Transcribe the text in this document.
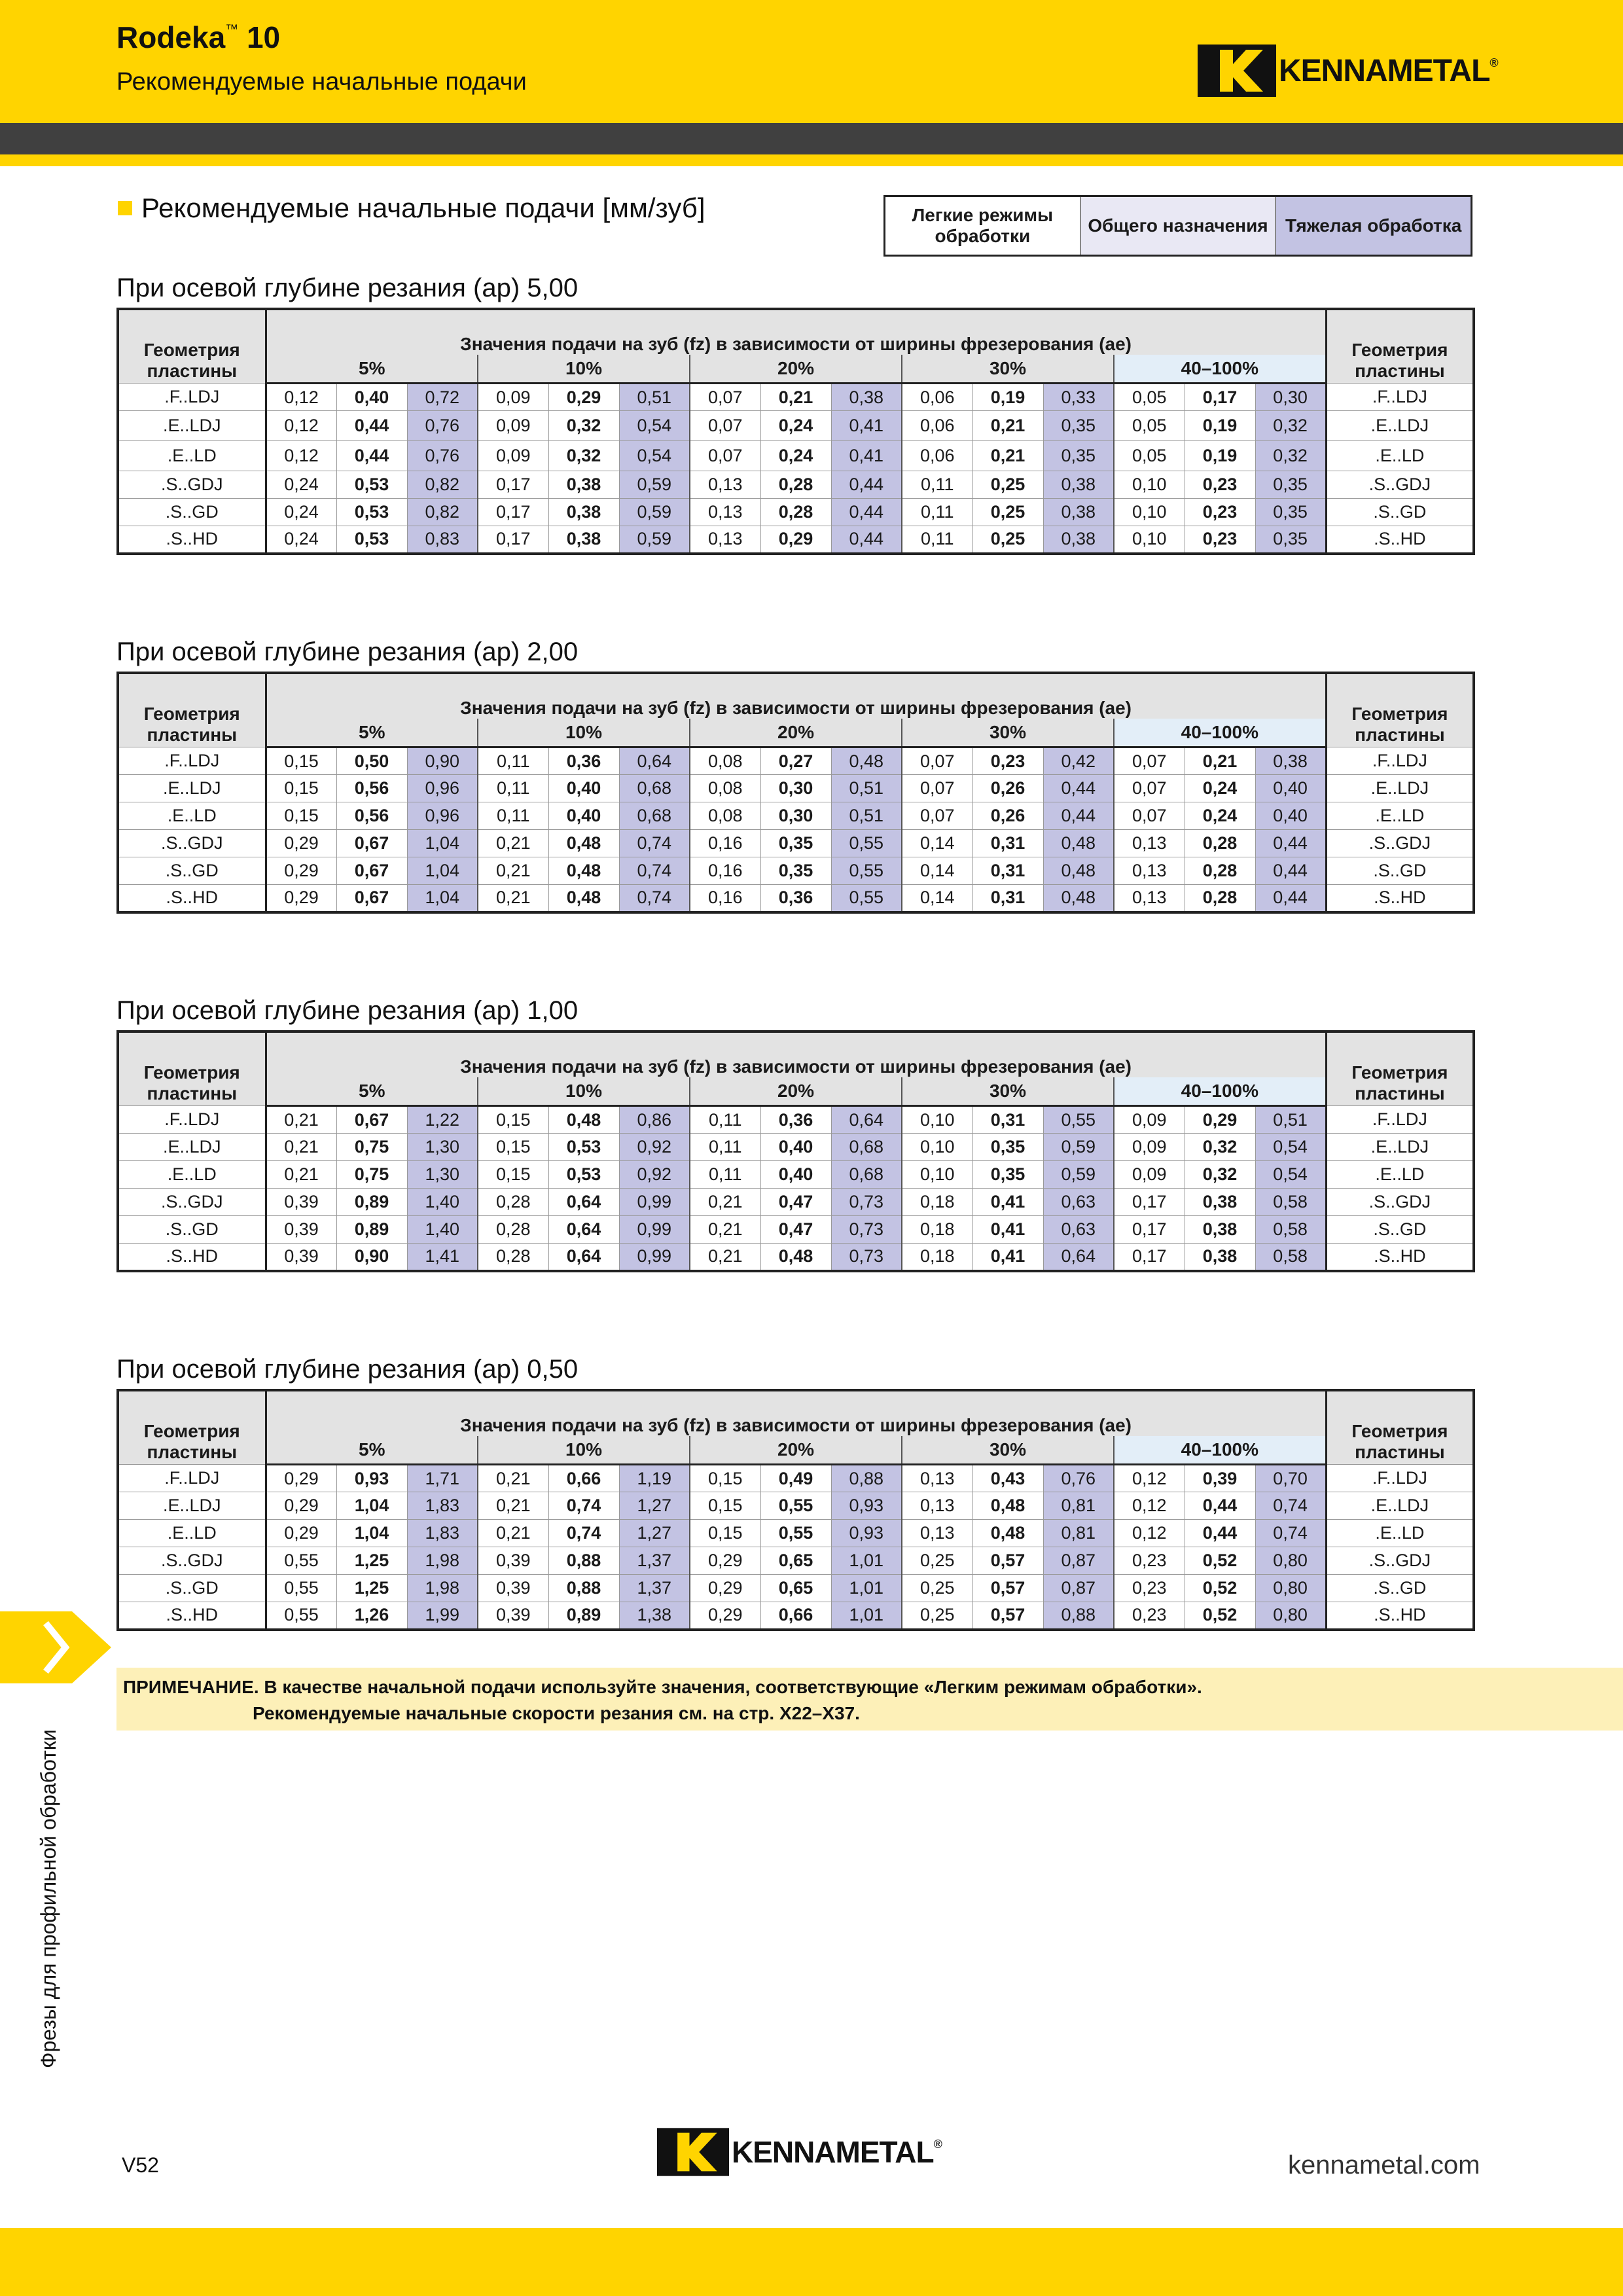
Rodeka™ 10
Рекомендуемые начальные подачи	KENNAMETAL ®
Рекомендуемые начальные подачи [мм/зуб]	Легкие режимы обработки
Общего назначения Тяжелая обработка
При осевой глубине резания (ap) 5,00
Геометрия пластины	Значения подачи на зуб (fz) в зависимости от ширины фрезерования (ae)															Геометрия пластины
	5%			10%			20%			30%			40–100%			
.F..LDJ	0,12	0,40	0,72	0,09	0,29	0,51	0,07	0,21	0,38	0,06	0,19	0,33	0,05	0,17	0,30	.F..LDJ
.E..LDJ	0,12	0,44	0,76	0,09	0,32	0,54	0,07	0,24	0,41	0,06	0,21	0,35	0,05	0,19	0,32	.E..LDJ
.E..LD	0,12	0,44	0,76	0,09	0,32	0,54	0,07	0,24	0,41	0,06	0,21	0,35	0,05	0,19	0,32	.E..LD
.S..GDJ	0,24	0,53	0,82	0,17	0,38	0,59	0,13	0,28	0,44	0,11	0,25	0,38	0,10	0,23	0,35	.S..GDJ
.S..GD	0,24	0,53	0,82	0,17	0,38	0,59	0,13	0,28	0,44	0,11	0,25	0,38	0,10	0,23	0,35	.S..GD
.S..HD	0,24	0,53	0,83	0,17	0,38	0,59	0,13	0,29	0,44	0,11	0,25	0,38	0,10	0,23	0,35	.S..HD
При осевой глубине резания (ap) 2,00
Геометрия пластины	Значения подачи на зуб (fz) в зависимости от ширины фрезерования (ae)															Геометрия пластины
	5%			10%			20%			30%			40–100%			
.F..LDJ	0,15	0,50	0,90	0,11	0,36	0,64	0,08	0,27	0,48	0,07	0,23	0,42	0,07	0,21	0,38	.F..LDJ
.E..LDJ	0,15	0,56	0,96	0,11	0,40	0,68	0,08	0,30	0,51	0,07	0,26	0,44	0,07	0,24	0,40	.E..LDJ
.E..LD	0,15	0,56	0,96	0,11	0,40	0,68	0,08	0,30	0,51	0,07	0,26	0,44	0,07	0,24	0,40	.E..LD
.S..GDJ	0,29	0,67	1,04	0,21	0,48	0,74	0,16	0,35	0,55	0,14	0,31	0,48	0,13	0,28	0,44	.S..GDJ
.S..GD	0,29	0,67	1,04	0,21	0,48	0,74	0,16	0,35	0,55	0,14	0,31	0,48	0,13	0,28	0,44	.S..GD
.S..HD	0,29	0,67	1,04	0,21	0,48	0,74	0,16	0,36	0,55	0,14	0,31	0,48	0,13	0,28	0,44	.S..HD
При осевой глубине резания (ap) 1,00
Геометрия пластины	Значения подачи на зуб (fz) в зависимости от ширины фрезерования (ae)															Геометрия пластины
	5%			10%			20%			30%			40–100%			
.F..LDJ	0,21	0,67	1,22	0,15	0,48	0,86	0,11	0,36	0,64	0,10	0,31	0,55	0,09	0,29	0,51	.F..LDJ
.E..LDJ	0,21	0,75	1,30	0,15	0,53	0,92	0,11	0,40	0,68	0,10	0,35	0,59	0,09	0,32	0,54	.E..LDJ
.E..LD	0,21	0,75	1,30	0,15	0,53	0,92	0,11	0,40	0,68	0,10	0,35	0,59	0,09	0,32	0,54	.E..LD
.S..GDJ	0,39	0,89	1,40	0,28	0,64	0,99	0,21	0,47	0,73	0,18	0,41	0,63	0,17	0,38	0,58	.S..GDJ
.S..GD	0,39	0,89	1,40	0,28	0,64	0,99	0,21	0,47	0,73	0,18	0,41	0,63	0,17	0,38	0,58	.S..GD
.S..HD	0,39	0,90	1,41	0,28	0,64	0,99	0,21	0,48	0,73	0,18	0,41	0,64	0,17	0,38	0,58	.S..HD
При осевой глубине резания (ap) 0,50
Геометрия пластины	Значения подачи на зуб (fz) в зависимости от ширины фрезерования (ae)															Геометрия пластины
	5%			10%			20%			30%			40–100%			
.F..LDJ	0,29	0,93	1,71	0,21	0,66	1,19	0,15	0,49	0,88	0,13	0,43	0,76	0,12	0,39	0,70	.F..LDJ
.E..LDJ	0,29	1,04	1,83	0,21	0,74	1,27	0,15	0,55	0,93	0,13	0,48	0,81	0,12	0,44	0,74	.E..LDJ
.E..LD	0,29	1,04	1,83	0,21	0,74	1,27	0,15	0,55	0,93	0,13	0,48	0,81	0,12	0,44	0,74	.E..LD
.S..GDJ	0,55	1,25	1,98	0,39	0,88	1,37	0,29	0,65	1,01	0,25	0,57	0,87	0,23	0,52	0,80	.S..GDJ
.S..GD	0,55	1,25	1,98	0,39	0,88	1,37	0,29	0,65	1,01	0,25	0,57	0,87	0,23	0,52	0,80	.S..GD
.S..HD	0,55	1,26	1,99	0,39	0,89	1,38	0,29	0,66	1,01	0,25	0,57	0,88	0,23	0,52	0,80	.S..HD
ПРИМЕЧАНИЕ. В качестве начальной подачи используйте значения, соответствующие «Легким режимам обработки».
Рекомендуемые начальные скорости резания см. на стр. X22–X37.
Фрезы для профильной обработки
V52	KENNAMETAL ®
kennametal.com
